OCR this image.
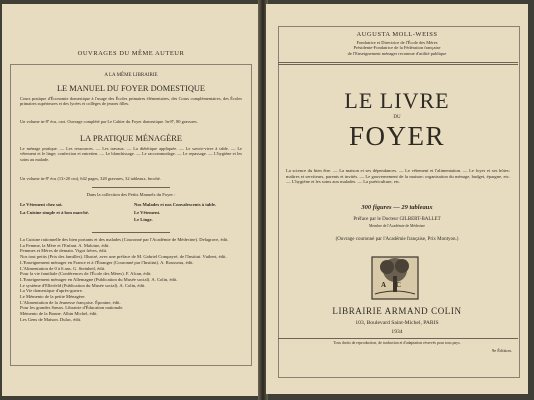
OUVRAGES DU MÊME AUTEUR
A LA MÊME LIBRAIRIE
LE MANUEL DU FOYER DOMESTIQUE
Cours pratique d'Économie domestique à l'usage des Écoles primaires élémentaires, des Cours complémentaires, des Écoles primaires supérieures et des lycées et collèges de jeunes filles.
Un volume in-8º écu, cart. Ouvrage complété par Le Cahier du Foyer domestique. In-8º, 80 gravures.
LA PRATIQUE MÉNAGÈRE
Le ménage pratique. — Les ressources. — Les travaux. — La diététique appliquée. — Le savoir-vivre à table. — Le vêtement et le linge; confection et entretien. — Le blanchissage. — Le raccommodage. — Le repassage. — L'hygiène et les soins au malade.
Un volume in-8º écu (13×20 cm), 642 pages, 328 gravures, 32 tableaux, broché.
Dans la collection des Petits Manuels du Foyer :
Le Vêtement chez soi.
La Cuisine simple et à bon marché.
Nos Malades et nos Convalescents à table.
Le Vêtement.
Le Linge.
La Cuisine rationnelle des bien portants et des malades (Couronné par l'Académie de Médecine). Delagrave, édit.
La Femme, la Mère et l'Enfant. A. Maloine, édit.
Femmes et Mères de demain. Vigot frères, édit.
Nos tout petits (Prix des familles). Illustré, avec une préface de M. Gabriel Compayré, de l'Institut. Vuibert, édit.
L'Enseignement ménager en France et à l'Étranger (Couronné par l'Institut). A. Rousseau, édit.
L'Alimentation de 0 à 6 ans. G. Steinheil, édit.
Pour la vie familiale (Conférences de l'École des Mères). F. Alcan, édit.
L'Enseignement ménager en Allemagne (Publication du Musée social). A. Colin, édit.
Le système d'Ellerfeld (Publication du Musée social). A. Colin, édit.
La Vie domestique d'après-guerre.
Le Mémento de la petite Ménagère.
L'Alimentation de la Jeunesse française. Éponine, édit.
Pour les grandes Sœurs. Librairie d'Éducation nationale.
Mémento de la Bonne. Albin Michel, édit.
Les Gens de Maison. Dulac, édit.
AUGUSTA MOLL-WEISS
Fondatrice et Directrice de l'École des Mères
Présidente-Fondatrice de la Fédération française
de l'Enseignement ménager reconnue d'utilité publique
LE LIVRE
DU
FOYER
La science du bien être. — La maison et ses dépendances. — Le vêtement et l'alimentation. — Le foyer et ses hôtes: maîtres et serviteurs, parents et invités. — Le gouvernement de la maison: organisation du ménage, budget, épargne, etc. — L'hygiène et les soins aux malades. — La puériculture, etc.
300 figures — 29 tableaux
Préface par le Docteur GILBERT-BALLET
Membre de l'Académie de Médecine
(Ouvrage couronné par l'Académie française, Prix Montyon.)
AC
LIBRAIRIE ARMAND COLIN
103, Boulevard Saint-Michel, PARIS
1934
Tous droits de reproduction, de traduction et d'adaptation réservés pour tous pays.
9e Édition.
